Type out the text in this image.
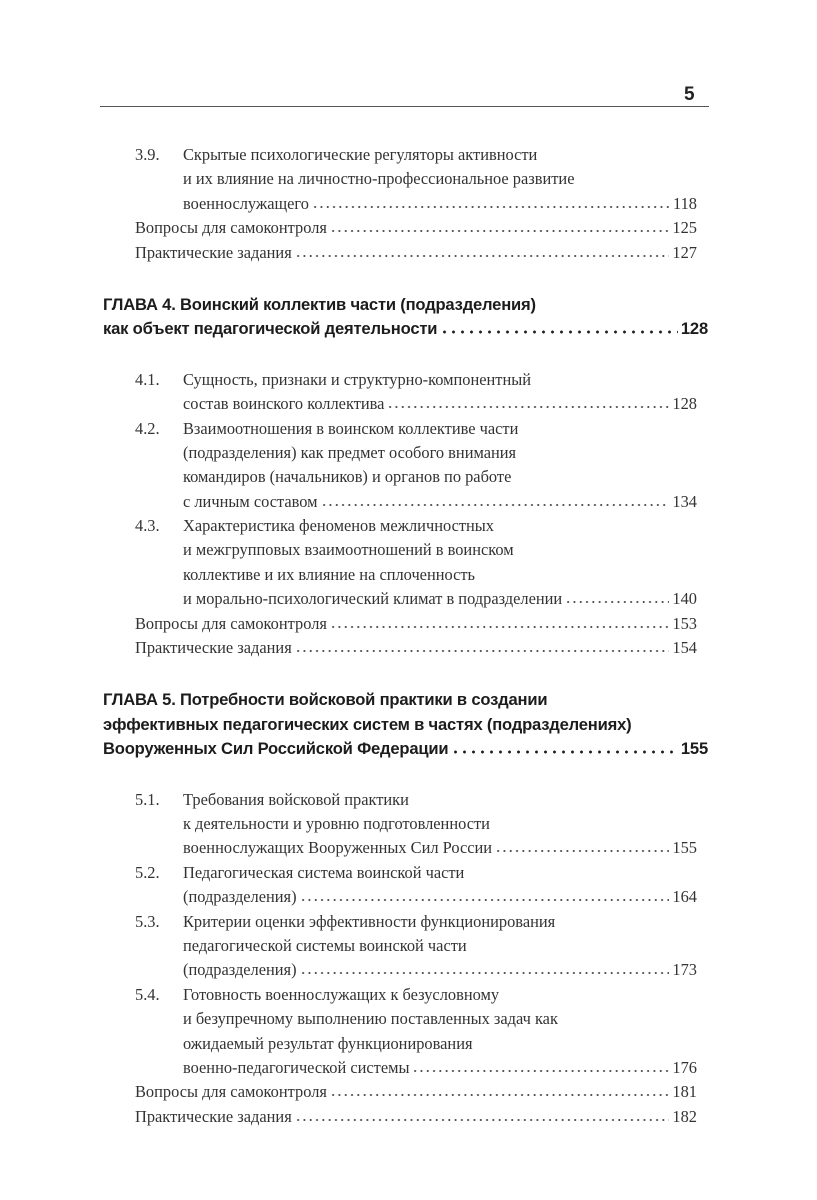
5
3.9. Скрытые психологические регуляторы активности
и их влияние на личностно-профессиональное развитие
военнослужащего	118
Вопросы для самоконтроля	125
Практические задания	127
ГЛАВА 4. Воинский коллектив части (подразделения)
как объект педагогической деятельности	128
4.1. Сущность, признаки и структурно-компонентный
состав воинского коллектива	128
4.2. Взаимоотношения в воинском коллективе части
(подразделения) как предмет особого внимания
командиров (начальников) и органов по работе
с личным составом	134
4.3. Характеристика феноменов межличностных
и межгрупповых взаимоотношений в воинском
коллективе и их влияние на сплоченность
и морально-психологический климат в подразделении	140
Вопросы для самоконтроля	153
Практические задания	154
ГЛАВА 5. Потребности войсковой практики в создании
эффективных педагогических систем в частях (подразделениях)
Вооруженных Сил Российской Федерации	155
5.1. Требования войсковой практики
к деятельности и уровню подготовленности
военнослужащих Вооруженных Сил России	155
5.2. Педагогическая система воинской части
(подразделения)	164
5.3. Критерии оценки эффективности функционирования
педагогической системы воинской части
(подразделения)	173
5.4. Готовность военнослужащих к безусловному
и безупречному выполнению поставленных задач как
ожидаемый результат функционирования
военно-педагогической системы	176
Вопросы для самоконтроля	181
Практические задания	182
